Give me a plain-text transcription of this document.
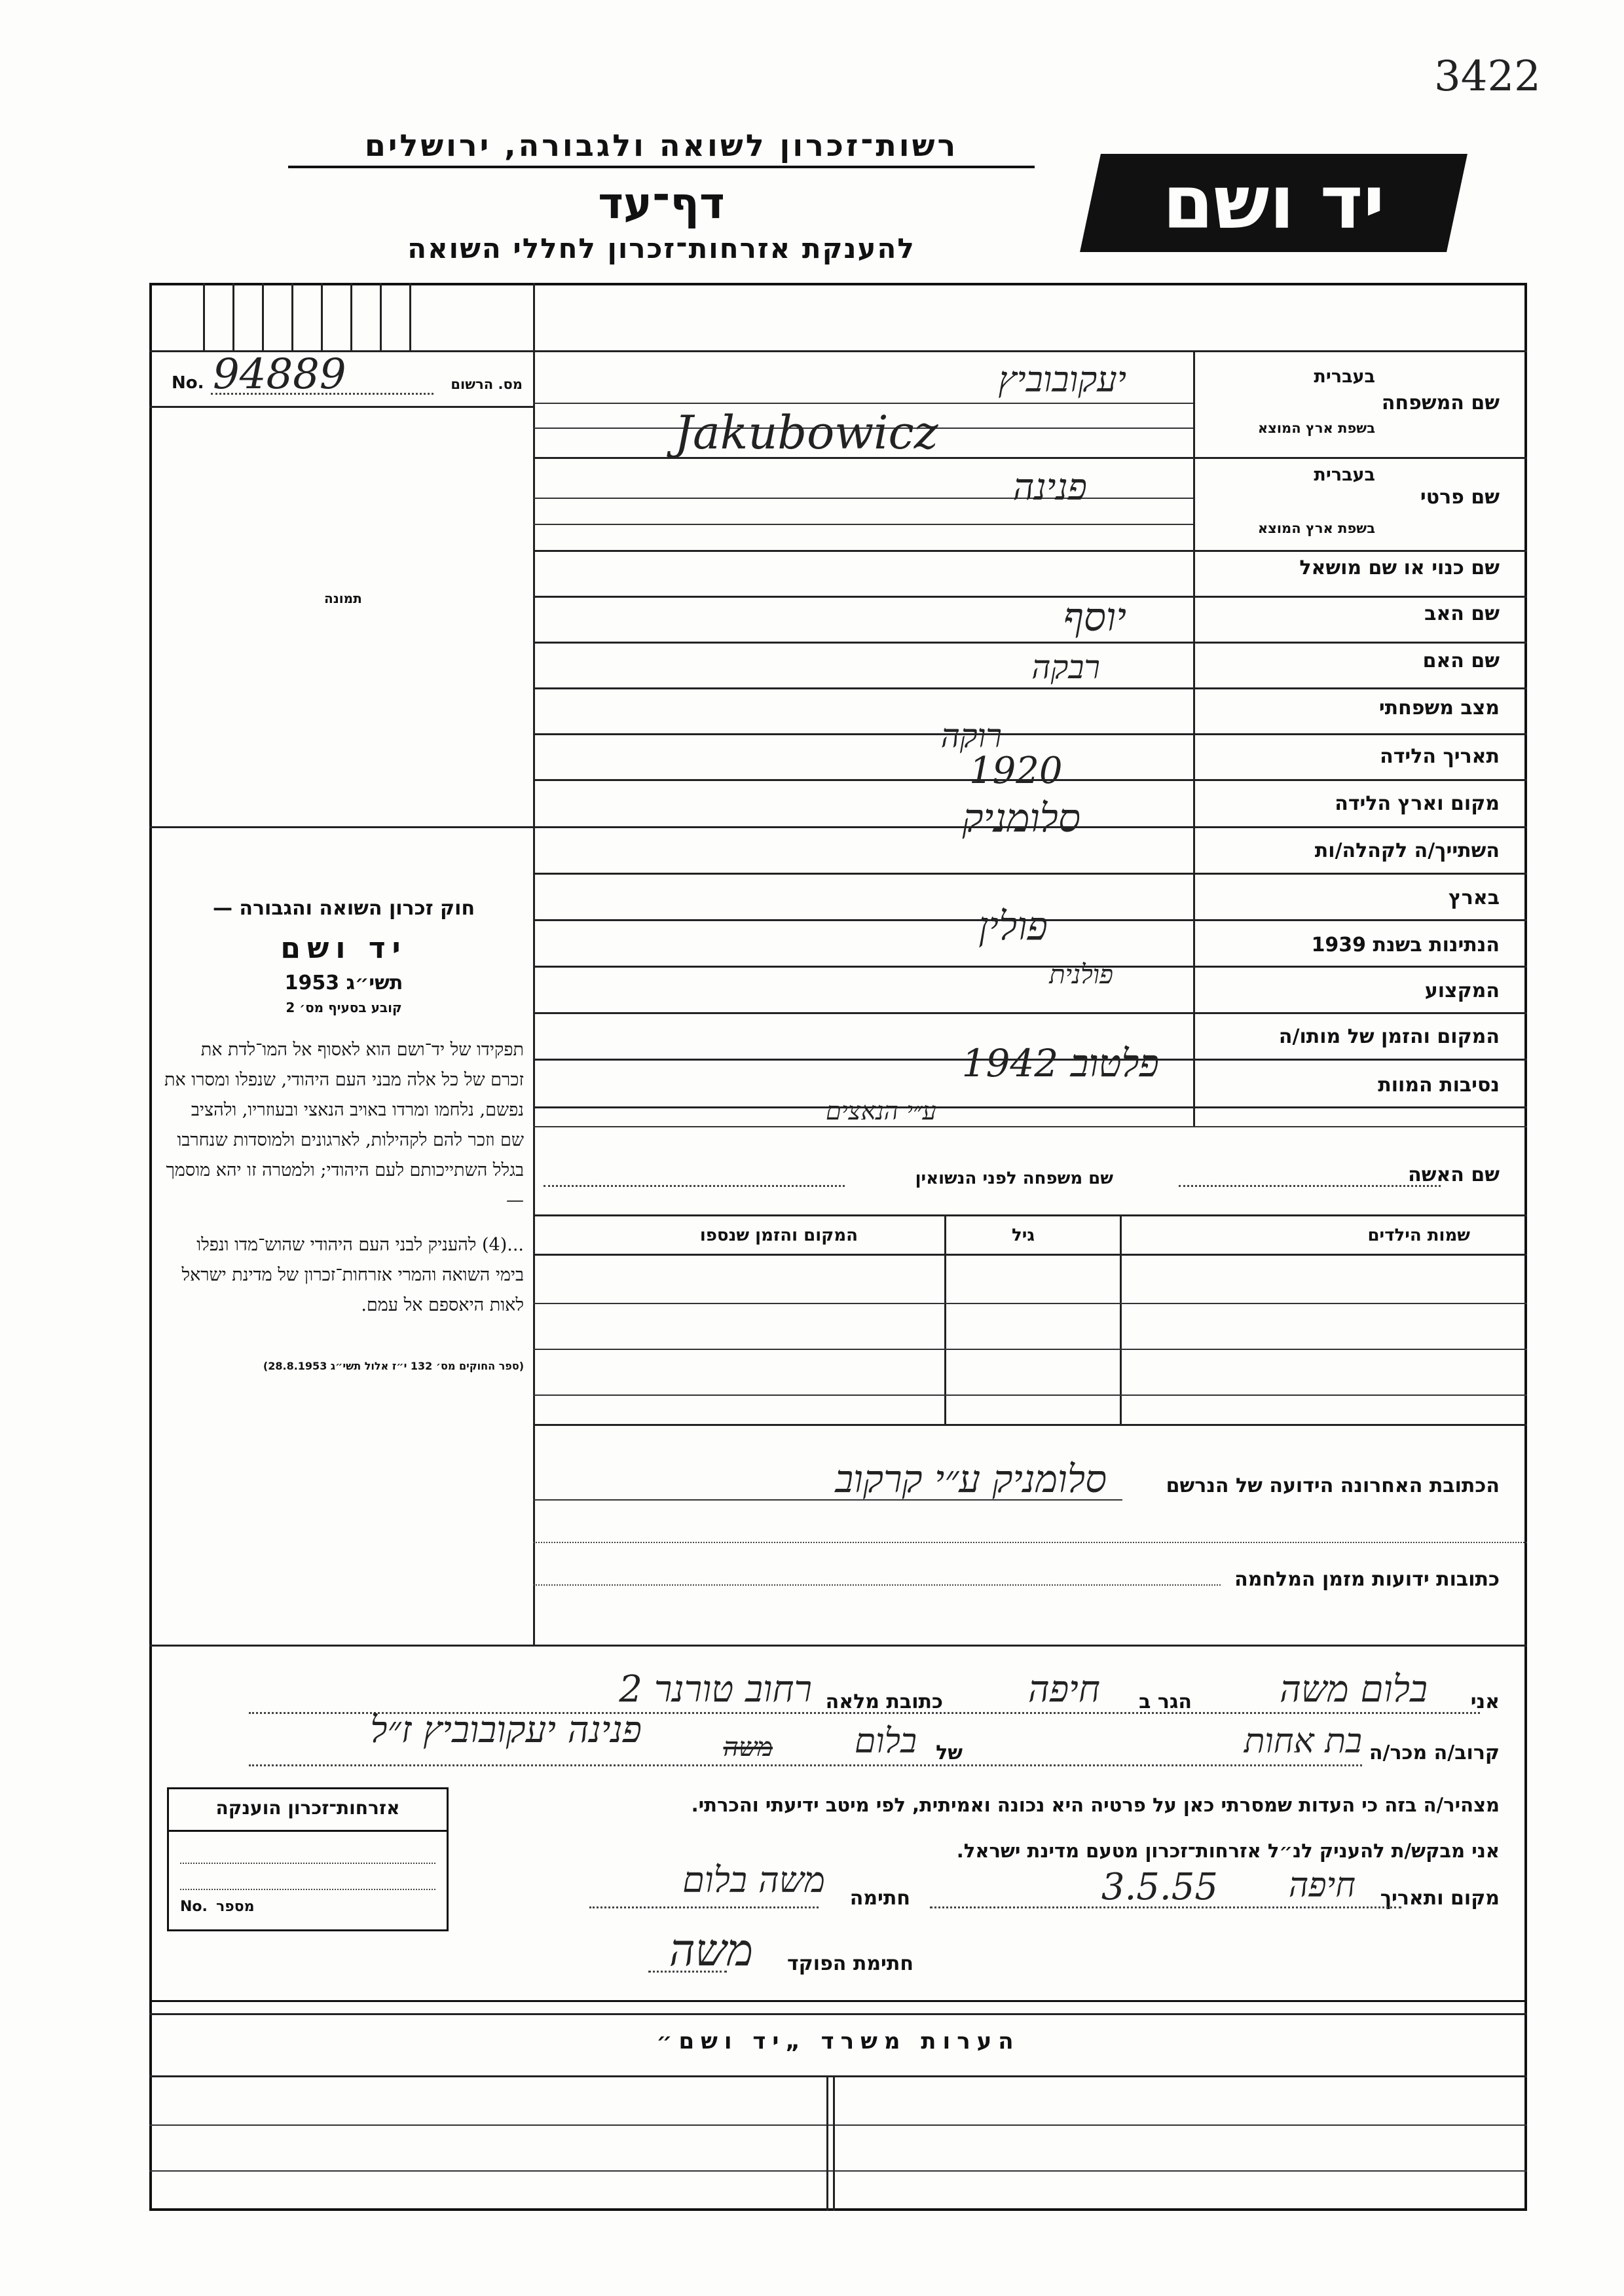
3422
רשות־זכרון לשואה ולגבורה, ירושלים
דף־עד
להענקת אזרחות־זכרון לחללי השואה
יד ושם
No. 94889	מס. הרשום
תמונה

חוק זכרון השואה והגבורה —

יד ושם

תשי״ג 1953

קובע בסעיף מס׳ 2

תפקידו של יד־ושם הוא לאסוף אל המו־לדת את זכרם של כל אלה מבני העם היהודי, שנפלו ומסרו את נפשם, נלחמו ומרדו באויב הנאצי ובעוזריו, ולהציב שם וזכר להם לקהילות, לארגונים ולמוסדות שנחרבו בגלל השתייכותם לעם היהודי; ולמטרה זו יהא מוסמך —

...(4) להעניק לבני העם היהודי שהוש־מדו ונפלו בימי השואה והמרי אזרחות־זכרון של מדינת ישראל לאות היאספם אל עמם.

(ספר החוקים מס׳ 132 י״ז אלול תשי״ג 28.8.1953)

שם המשפחה
בעברית
בשפת ארץ המוצא
שם פרטי
בעברית
בשפת ארץ המוצא
שם כנוי או שם מושאל
שם האב
שם האם
מצב משפחתי
תאריך הלידה
מקום וארץ הלידה
השתייך/ה לקהלה/ות
בארץ
הנתינות בשנת 1939
המקצוע
המקום והזמן של מותו/ה
נסיבות המוות
יעקובוביץ
Jakubowicz
פנינה
יוסף
רבקה
רוקה
1920
סלומניק
פולין
פולנית
פלטוב 1942
ע״י הנאצים
שם האשה
שם משפחה לפני הנשואין
שמות הילדים
גיל
המקום והזמן שנספו
הכתובת האחרונה הידועה של הנרשם
סלומניק ע״י קרקוב
כתובות ידועות מזמן המלחמה
אני
בלום משה
הגר ב
חיפה
כתובת מלאה
רחוב טורנר 2
קרוב/ה מכר/ה
בת אחות
של
בלום
משה
פנינה יעקובוביץ ז״ל
מצהיר/ה בזה כי העדות שמסרתי כאן על פרטיה היא נכונה ואמיתית, לפי מיטב ידיעתי והכרתי.
אני מבקש/ת להעניק לנ״ל אזרחות־זכרון מטעם מדינת ישראל.
מקום ותאריך
חיפה
3.5.55
חתימה
משה בלום
אזרחות־זכרון הוענקה
No. מספר
משה חתימת הפוקד
הערות משרד „יד ושם״
